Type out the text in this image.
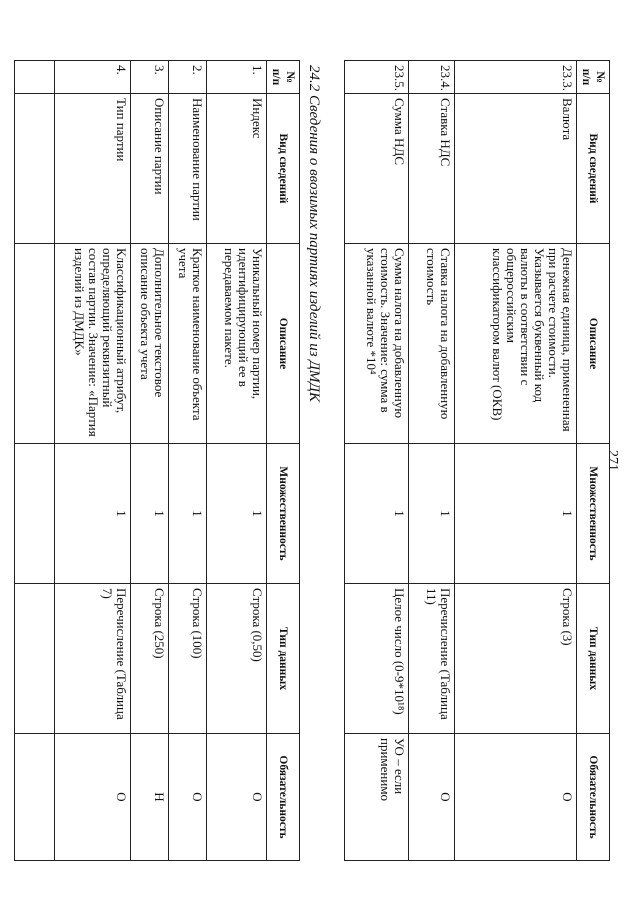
271
№ п/п	Вид сведений	Описание	Множественность	Тип данных	Обязательность
23.3.	Валюта	Денежная единица, примененная при расчете стоимости. Указывается буквенный код валюты в соответствии с общероссийским классификатором валют (ОКВ)	1	Строка (3)	О
23.4.	Ставка НДС	Ставка налога на добавленную стоимость	1	Перечисление (Таблица 11)	О
23.5.	Сумма НДС	Сумма налога на добавленную стоимость. Значение: сумма в указанной валюте *10⁴	1	Целое число (0-9*10¹⁸)	УО – если применимо
24.2 Сведения о ввозимых партиях изделий из ДМДК
№ п/п	Вид сведений	Описание	Множественность	Тип данных	Обязательность
1.	Индекс	Уникальный номер партии, идентифицирующий ее в передаваемом пакете.	1	Строка (0,50)	О
2.	Наименование партии	Краткое наименование объекта учета	1	Строка (100)	О
3.	Описание партии	Дополнительное текстовое описание объекта учета	1	Строка (250)	Н
4.	Тип партии	Классификационный атрибут, определяющий реквизитный состав партии. Значение: «Партия изделий из ДМДК»	1	Перечисление (Таблица 7)	О
